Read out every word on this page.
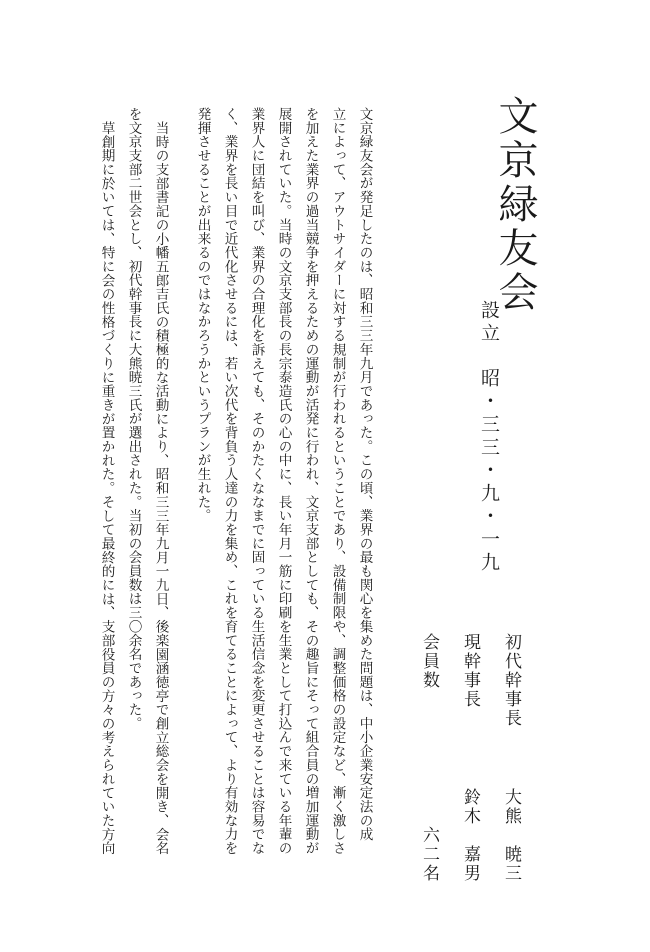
文京緑友会
設立昭・三三・九・一九
初代幹事長
大熊　暁三
現幹事長
鈴木　嘉男
会員数
六二名

文京緑友会が発足したのは、昭和三三年九月であった。この頃、業界の最も関心を集めた問題は、中小企業安定法の成

立によって、アウトサイダーに対する規制が行われるということであり、設備制限や、調整価格の設定など、漸く激しさ

を加えた業界の過当競争を押えるための運動が活発に行われ、文京支部としても、その趣旨にそって組合員の増加運動が

展開されていた。当時の文京支部長の長宗泰造氏の心の中に、長い年月一筋に印刷を生業として打込んで来ている年輩の

業界人に団結を叫び、業界の合理化を訴えても、そのかたくななまでに固っている生活信念を変更させることは容易でな

く、業界を長い目で近代化させるには、若い次代を背負う人達の力を集め、これを育てることによって、より有効な力を

発揮させることが出来るのではなかろうかというプランが生れた。

当時の支部書記の小幡五郎吉氏の積極的な活動により、昭和三三年九月一九日、後楽園涵徳亭で創立総会を開き、会名

を文京支部二世会とし、初代幹事長に大熊暁三氏が選出された。当初の会員数は三〇余名であった。

草創期に於いては、特に会の性格づくりに重きが置かれた。そして最終的には、支部役員の方々の考えられていた方向
